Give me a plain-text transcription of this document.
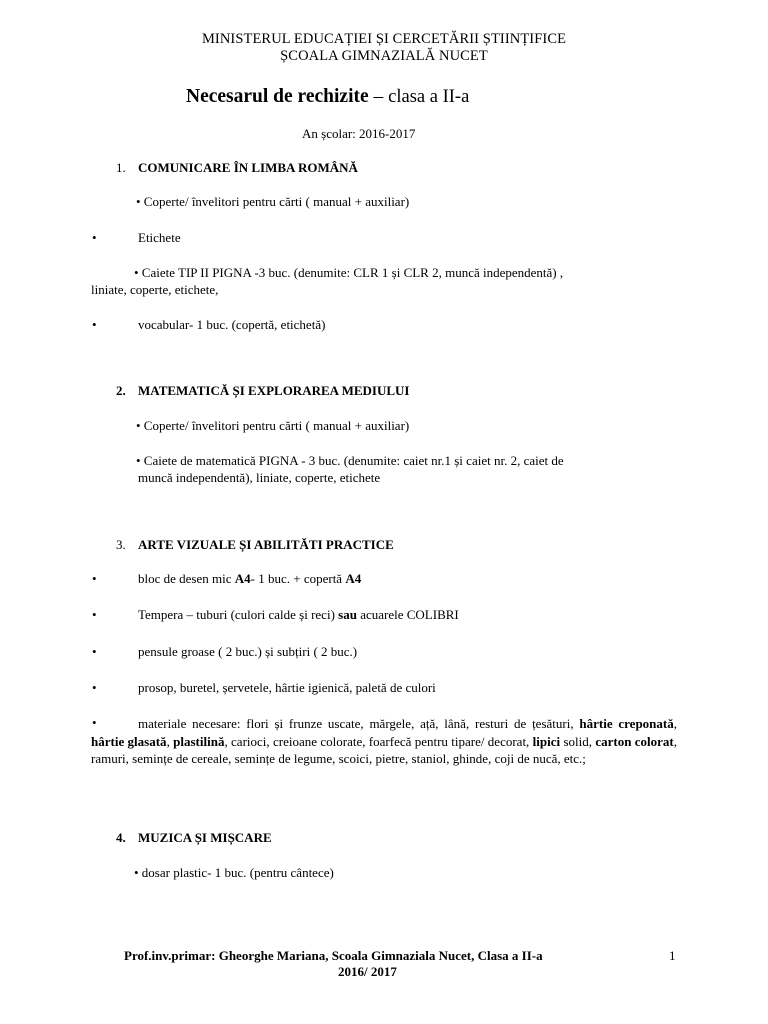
MINISTERUL EDUCAȚIEI ȘI CERCETĂRII ȘTIINȚIFICE
ȘCOALA GIMNAZIALĂ NUCET
Necesarul de rechizite – clasa a II-a
An școlar: 2016-2017
1. COMUNICARE ÎN LIMBA ROMÂNĂ
• Coperte/ învelitori pentru cărti ( manual + auxiliar)
•	Etichete
• Caiete TIP II PIGNA -3 buc. (denumite: CLR 1 și CLR 2, muncă independentă) ,
liniate, coperte, etichete,
•	vocabular- 1 buc. (copertă, etichetă)
2. MATEMATICĂ ȘI EXPLORAREA MEDIULUI
• Coperte/ învelitori pentru cărti ( manual + auxiliar)
• Caiete de matematică PIGNA - 3 buc. (denumite: caiet nr.1 și caiet nr. 2, caiet de
muncă independentă), liniate, coperte, etichete
3. ARTE VIZUALE ȘI ABILITĂTI PRACTICE
•	bloc de desen mic A4- 1 buc. + copertă A4
•	Tempera – tuburi (culori calde și reci) sau acuarele COLIBRI
•	pensule groase ( 2 buc.) și subțiri ( 2 buc.)
•	prosop, buretel, șervetele, hârtie igienică, paletă de culori
•	materiale necesare: flori și frunze uscate, mărgele, ață, lână, resturi de țesături, hârtie creponată, hârtie glasată, plastilină, carioci, creioane colorate, foarfecă pentru tipare/ decorat, lipici solid, carton colorat, ramuri, semințe de cereale, semințe de legume, scoici, pietre, staniol, ghinde, coji de nucă, etc.;
4. MUZICA ȘI MIȘCARE
• dosar plastic- 1 buc. (pentru cântece)
Prof.inv.primar: Gheorghe Mariana, Scoala Gimnaziala Nucet, Clasa a II-a
2016/ 2017
1
